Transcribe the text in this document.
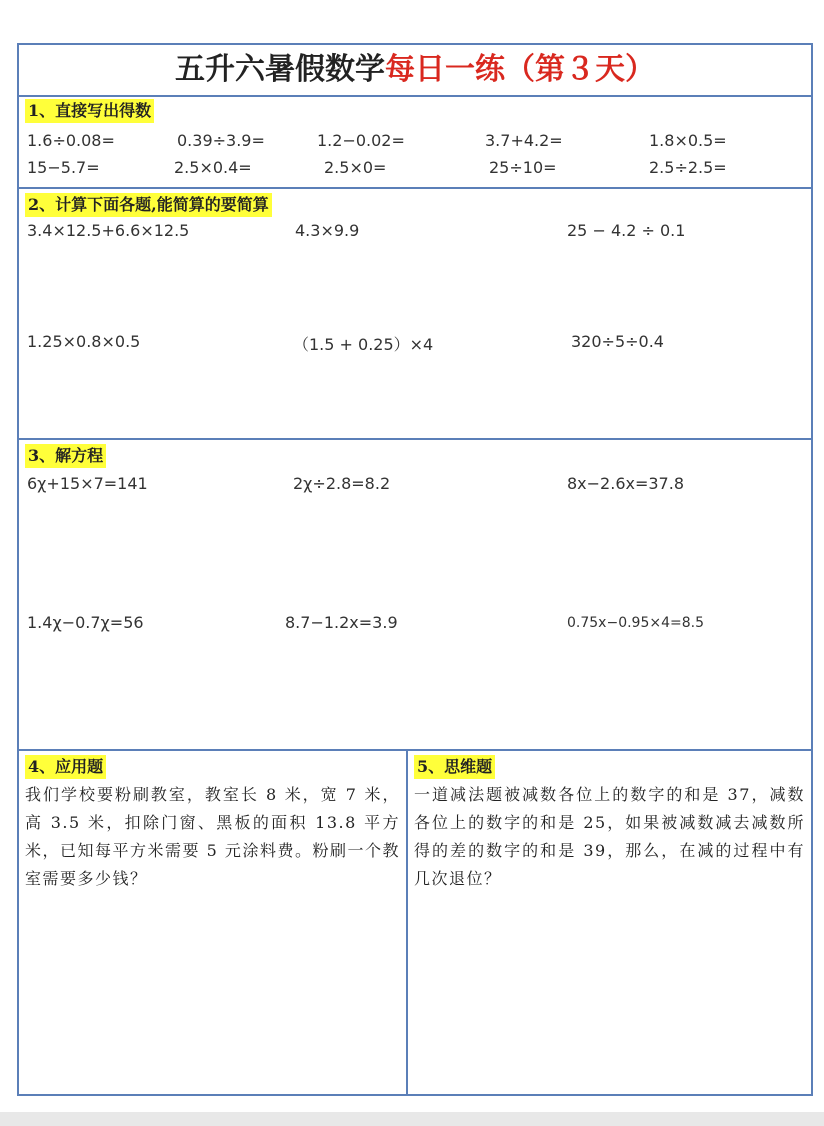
五升六暑假数学每日一练（第３天）
1、直接写出得数
1.6÷0.08=	0.39÷3.9=	1.2−0.02=	3.7+4.2=	1.8×0.5=
15−5.7=	2.5×0.4=	2.5×0=	25÷10=	2.5÷2.5=
2、计算下面各题,能简算的要简算
3.4×12.5+6.6×12.5	4.3×9.9	25 − 4.2 ÷ 0.1
1.25×0.8×0.5	（1.5 + 0.25）×4	320÷5÷0.4
3、解方程
6χ+15×7=141	2χ÷2.8=8.2	8x−2.6x=37.8
1.4χ−0.7χ=56	8.7−1.2x=3.9	0.75x−0.95×4=8.5
4、应用题
我们学校要粉刷教室，教室长 8 米，宽 7 米，高 3.5 米，扣除门窗、黑板的面积 13.8 平方米，已知每平方米需要 5 元涂料费。粉刷一个教室需要多少钱？
5、思维题
一道减法题被减数各位上的数字的和是 37，减数各位上的数字的和是 25，如果被减数减去减数所得的差的数字的和是 39，那么，在减的过程中有几次退位？
